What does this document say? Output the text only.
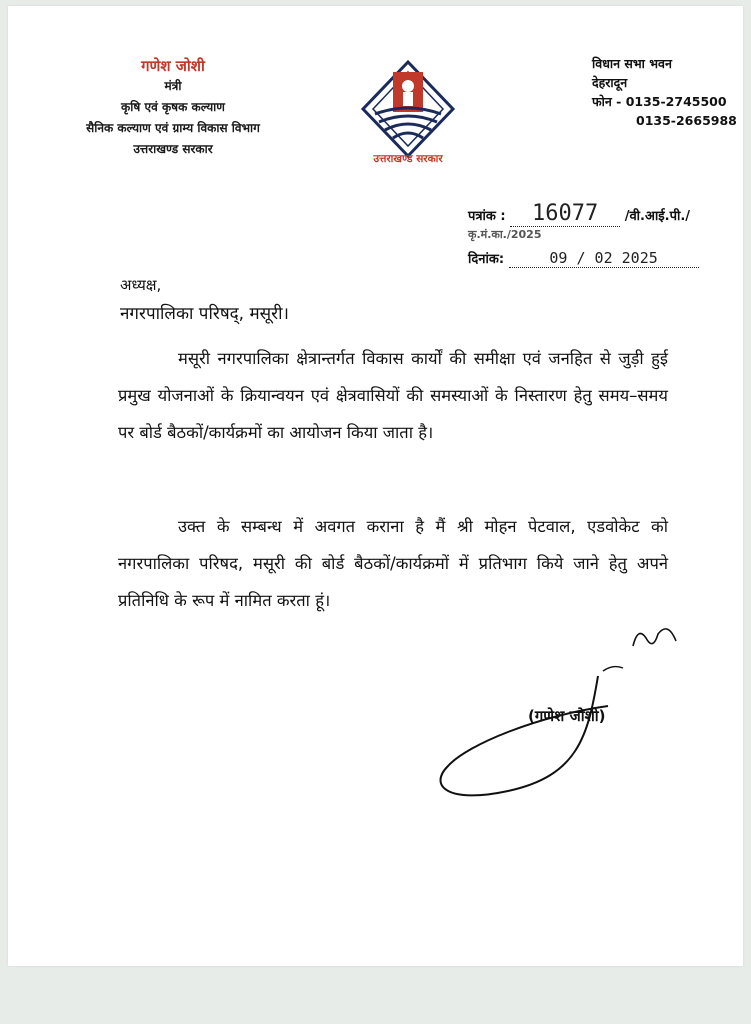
गणेश जोशी
मंत्री
कृषि एवं कृषक कल्याण
सैनिक कल्याण एवं ग्राम्य विकास विभाग
उत्तराखण्ड सरकार
उत्तराखण्ड सरकार
विधान सभा भवन
देहरादून
फोन - 0135-2745500
0135-2665988
पत्रांक : 16077 /वी.आई.पी./
कृ.मं.का./2025
दिनांक:	09 / 02 2025
अध्यक्ष,
नगरपालिका परिषद्, मसूरी।
मसूरी नगरपालिका क्षेत्रान्तर्गत विकास कार्यों की समीक्षा एवं जनहित से जुड़ी हुई प्रमुख योजनाओं के क्रियान्वयन एवं क्षेत्रवासियों की समस्याओं के निस्तारण हेतु समय–समय पर बोर्ड बैठकों/कार्यक्रमों का आयोजन किया जाता है।
उक्त के सम्बन्ध में अवगत कराना है मैं श्री मोहन पेटवाल, एडवोकेट को नगरपालिका परिषद, मसूरी की बोर्ड बैठकों/कार्यक्रमों में प्रतिभाग किये जाने हेतु अपने प्रतिनिधि के रूप में नामित करता हूं।
(गणेश जोशी)
